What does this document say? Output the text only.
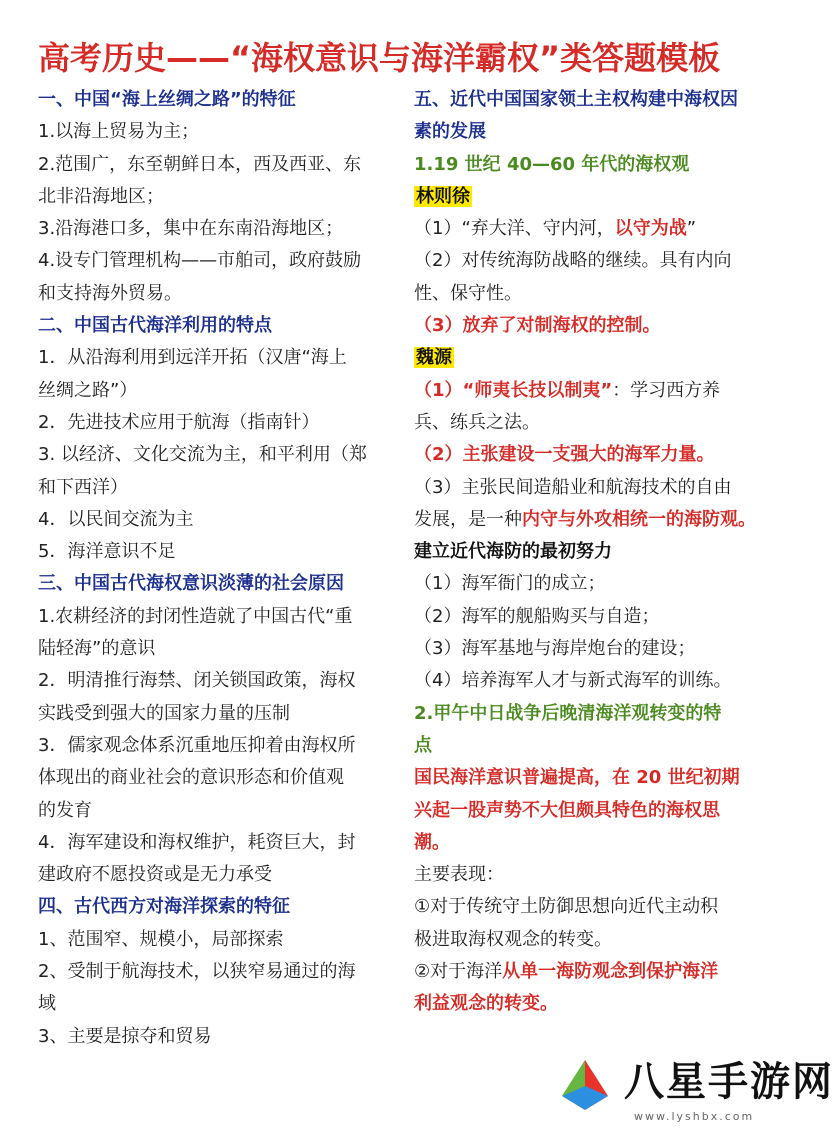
高考历史——“海权意识与海洋霸权”类答题模板
一、中国“海上丝绸之路”的特征
1.以海上贸易为主；
2.范围广，东至朝鲜日本，西及西亚、东
北非沿海地区；
3.沿海港口多，集中在东南沿海地区；
4.设专门管理机构——市舶司，政府鼓励
和支持海外贸易。
二、中国古代海洋利用的特点
1．从沿海利用到远洋开拓（汉唐“海上
丝绸之路”）
2．先进技术应用于航海（指南针）
3. 以经济、文化交流为主，和平利用（郑
和下西洋）
4．以民间交流为主
5．海洋意识不足
三、中国古代海权意识淡薄的社会原因
1.农耕经济的封闭性造就了中国古代“重
陆轻海”的意识
2．明清推行海禁、闭关锁国政策，海权
实践受到强大的国家力量的压制
3．儒家观念体系沉重地压抑着由海权所
体现出的商业社会的意识形态和价值观
的发育
4．海军建设和海权维护，耗资巨大，封
建政府不愿投资或是无力承受
四、古代西方对海洋探索的特征
1、范围窄、规模小，局部探索
2、受制于航海技术，以狭窄易通过的海
域
3、主要是掠夺和贸易
五、近代中国国家领土主权构建中海权因
素的发展
1.19 世纪 40—60 年代的海权观
林则徐
（1）“弃大洋、守内河，以守为战”
（2）对传统海防战略的继续。具有内向
性、保守性。
（3）放弃了对制海权的控制。
魏源
（1）“师夷长技以制夷”：学习西方养
兵、练兵之法。
（2）主张建设一支强大的海军力量。
（3）主张民间造船业和航海技术的自由
发展，是一种内守与外攻相统一的海防观。
建立近代海防的最初努力
（1）海军衙门的成立；
（2）海军的舰船购买与自造；
（3）海军基地与海岸炮台的建设；
（4）培养海军人才与新式海军的训练。
2.甲午中日战争后晚清海洋观转变的特
点
国民海洋意识普遍提高，在 20 世纪初期
兴起一股声势不大但颇具特色的海权思
潮。
主要表现：
①对于传统守土防御思想向近代主动积
极进取海权观念的转变。
②对于海洋从单一海防观念到保护海洋
利益观念的转变。
八星手游网
www.lyshbx.com
